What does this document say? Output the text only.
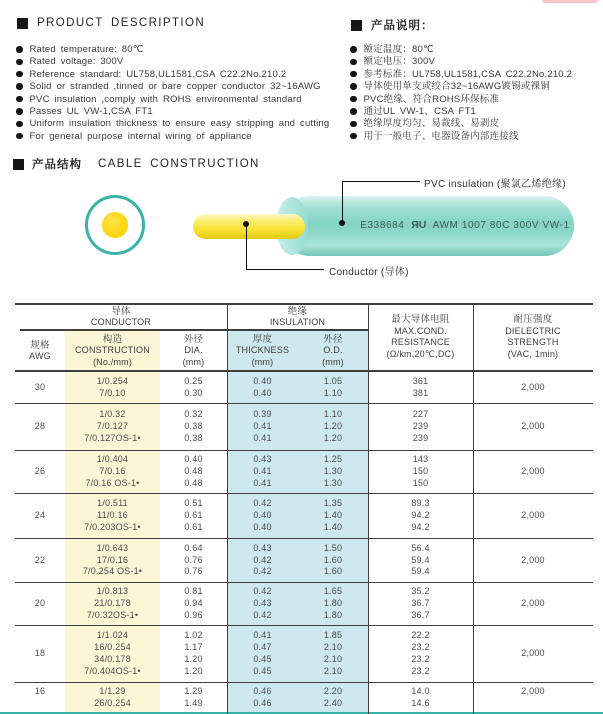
PRODUCT DESCRIPTION
Rated temperature: 80℃
Rated voltage: 300V
Reference standard: UL758,UL1581,CSA C22.2No.210.2
Solid or stranded ,tinned or bare copper conductor 32~16AWG
PVC insulation ,comply with ROHS environmental standard
Passes UL VW-1,CSA FT1
Uniform insulation thickness to ensure easy stripping and cutting
For general purpose internal wiring of appliance
产品说明：
额定温度：80℃
额定电压：300V
参考标准：UL758,UL1581,CSA C22.2No.210.2
导体使用单支或绞合32~16AWG镀锡或裸铜
PVC绝缘、符合ROHS环保标准
通过UL VW-1、CSA FT1
绝缘厚度均匀、易裁线、易剥皮
用于一般电子、电器设备内部连接线
产品结构 CABLE CONSTRUCTION
E338684 ЯU AWM 1007 80C 300V VW-1
PVC insulation (聚氯乙烯绝缘)
Conductor (导体)
导体
CONDUCTOR
绝缘
INSULATION
规格
AWG
构造
CONSTRUCTION
(No./mm)
外径
DIA.
(mm)
厚度
THICKNESS
(mm)
外径
O.D.
(mm)
最大导体电阻
MAX.COND.
RESISTANCE
(Ω/km,20℃,DC)
耐压强度
DIELECTRIC
STRENGTH
(VAC, 1min)
30
1/0.254
7/0.10
0.25
0.30
0.40
0.40
1.05
1.10
361
381
2,000
28
1/0.32
7/0.127
7/0.127OS-1•
0.32
0.38
0.38
0.39
0.41
0.41
1.10
1.20
1.20
227
239
239
2,000
26
1/0.404
7/0.16
7/0.16 OS-1•
0.40
0.48
0.48
0.43
0.41
0.41
1.25
1.30
1.30
143
150
150
2,000
24
1/0.511
11/0.16
7/0.203OS-1•
0.51
0.61
0.61
0.42
0.40
0.40
1.35
1.40
1.40
89.3
94.2
94.2
2,000
22
1/0.643
17/0.16
7/0.254 OS-1•
0.64
0.76
0.76
0.43
0.42
0.42
1.50
1.60
1.60
56.4
59.4
59.4
2,000
20
1/0.813
21/0.178
7/0.32OS-1•
0.81
0.94
0.96
0.42
0.43
0.42
1.65
1.80
1.80
35.2
36.7
36.7
2,000
18
1/1.024
16/0.254
34/0.178
7/0.404OS-1•
1.02
1.17
1.20
1.20
0.41
0.47
0.45
0.45
1.85
2.10
2.10
2.10
22.2
23.2
23.2
23.2
2,000
16	1/1.29
26/0.254
1.29
1.49
0.46
0.46
2.20
2.40
14.0
14.6
2,000
